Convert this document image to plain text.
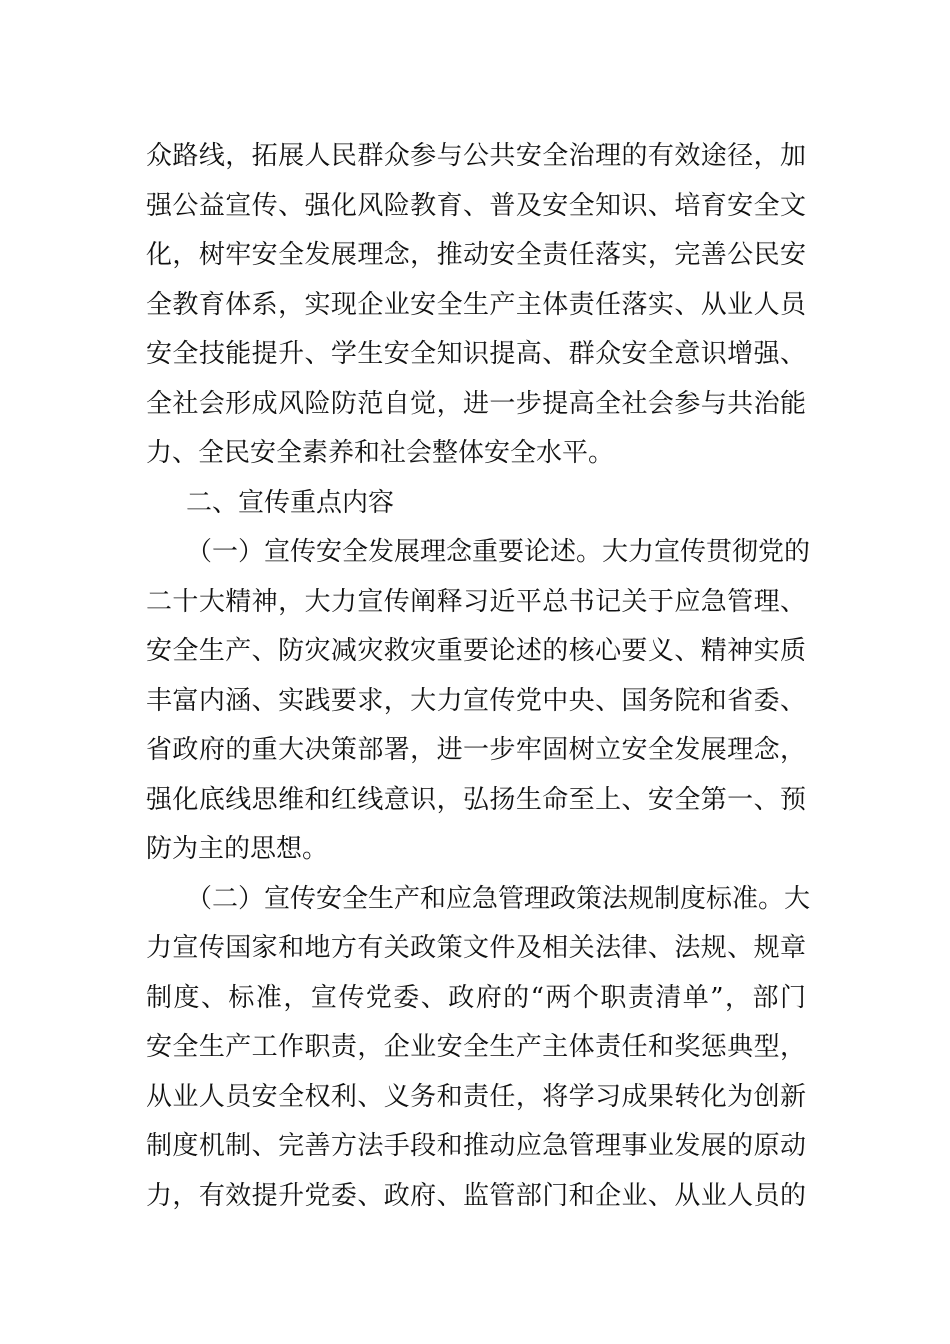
众路线，拓展人民群众参与公共安全治理的有效途径，加
强公益宣传、强化风险教育、普及安全知识、培育安全文
化，树牢安全发展理念，推动安全责任落实，完善公民安
全教育体系，实现企业安全生产主体责任落实、从业人员
安全技能提升、学生安全知识提高、群众安全意识增强、
全社会形成风险防范自觉，进一步提高全社会参与共治能
力、全民安全素养和社会整体安全水平。
二、宣传重点内容
（一）宣传安全发展理念重要论述。大力宣传贯彻党的
二十大精神，大力宣传阐释习近平总书记关于应急管理、
安全生产、防灾减灾救灾重要论述的核心要义、精神实质
丰富内涵、实践要求，大力宣传党中央、国务院和省委、
省政府的重大决策部署，进一步牢固树立安全发展理念，
强化底线思维和红线意识，弘扬生命至上、安全第一、预
防为主的思想。
（二）宣传安全生产和应急管理政策法规制度标准。大
力宣传国家和地方有关政策文件及相关法律、法规、规章
制度、标准，宣传党委、政府的“两个职责清单”，部门
安全生产工作职责，企业安全生产主体责任和奖惩典型，
从业人员安全权利、义务和责任，将学习成果转化为创新
制度机制、完善方法手段和推动应急管理事业发展的原动
力，有效提升党委、政府、监管部门和企业、从业人员的
